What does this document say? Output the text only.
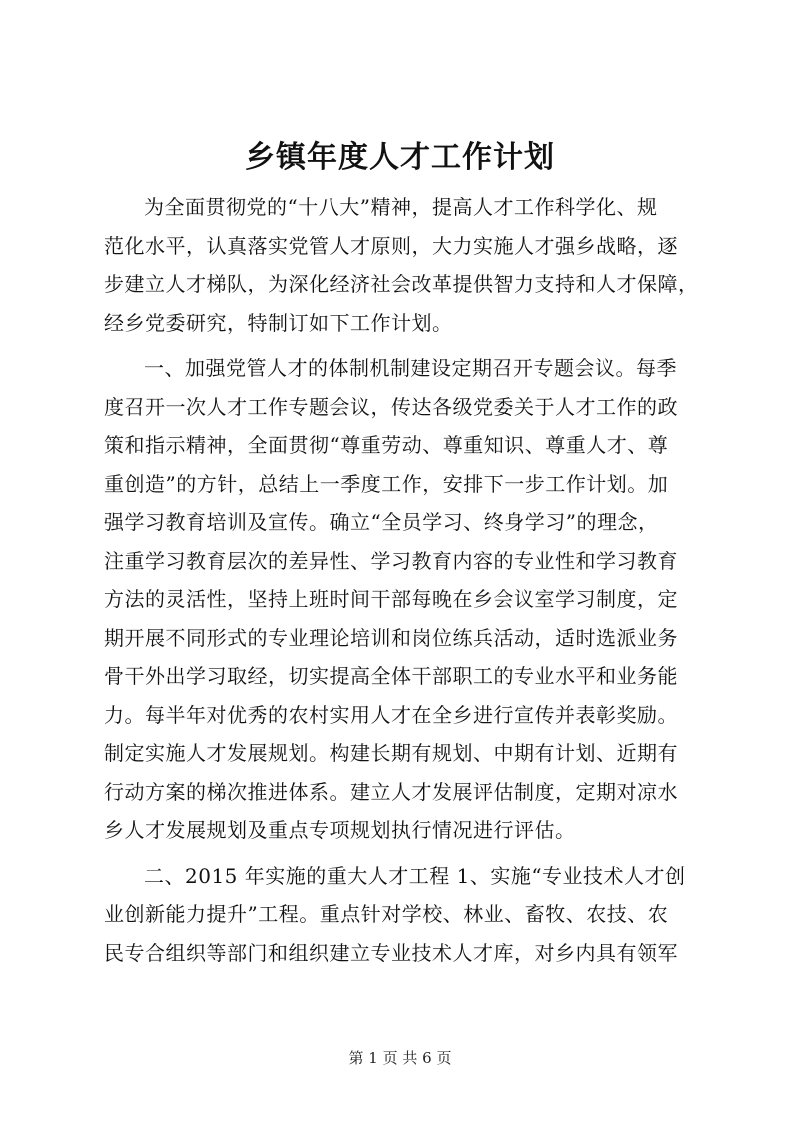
乡镇年度人才工作计划

为全面贯彻党的“十八大”精神，提高人才工作科学化、规
范化水平，认真落实党管人才原则，大力实施人才强乡战略，逐
步建立人才梯队，为深化经济社会改革提供智力支持和人才保障，
经乡党委研究，特制订如下工作计划。

一、加强党管人才的体制机制建设定期召开专题会议。每季
度召开一次人才工作专题会议，传达各级党委关于人才工作的政
策和指示精神，全面贯彻“尊重劳动、尊重知识、尊重人才、尊
重创造”的方针，总结上一季度工作，安排下一步工作计划。加
强学习教育培训及宣传。确立“全员学习、终身学习”的理念，
注重学习教育层次的差异性、学习教育内容的专业性和学习教育
方法的灵活性，坚持上班时间干部每晚在乡会议室学习制度，定
期开展不同形式的专业理论培训和岗位练兵活动，适时选派业务
骨干外出学习取经，切实提高全体干部职工的专业水平和业务能
力。每半年对优秀的农村实用人才在全乡进行宣传并表彰奖励。
制定实施人才发展规划。构建长期有规划、中期有计划、近期有
行动方案的梯次推进体系。建立人才发展评估制度，定期对凉水
乡人才发展规划及重点专项规划执行情况进行评估。

二、2015 年实施的重大人才工程 1、实施“专业技术人才创
业创新能力提升”工程。重点针对学校、林业、畜牧、农技、农
民专合组织等部门和组织建立专业技术人才库，对乡内具有领军

第 1 页 共 6 页
